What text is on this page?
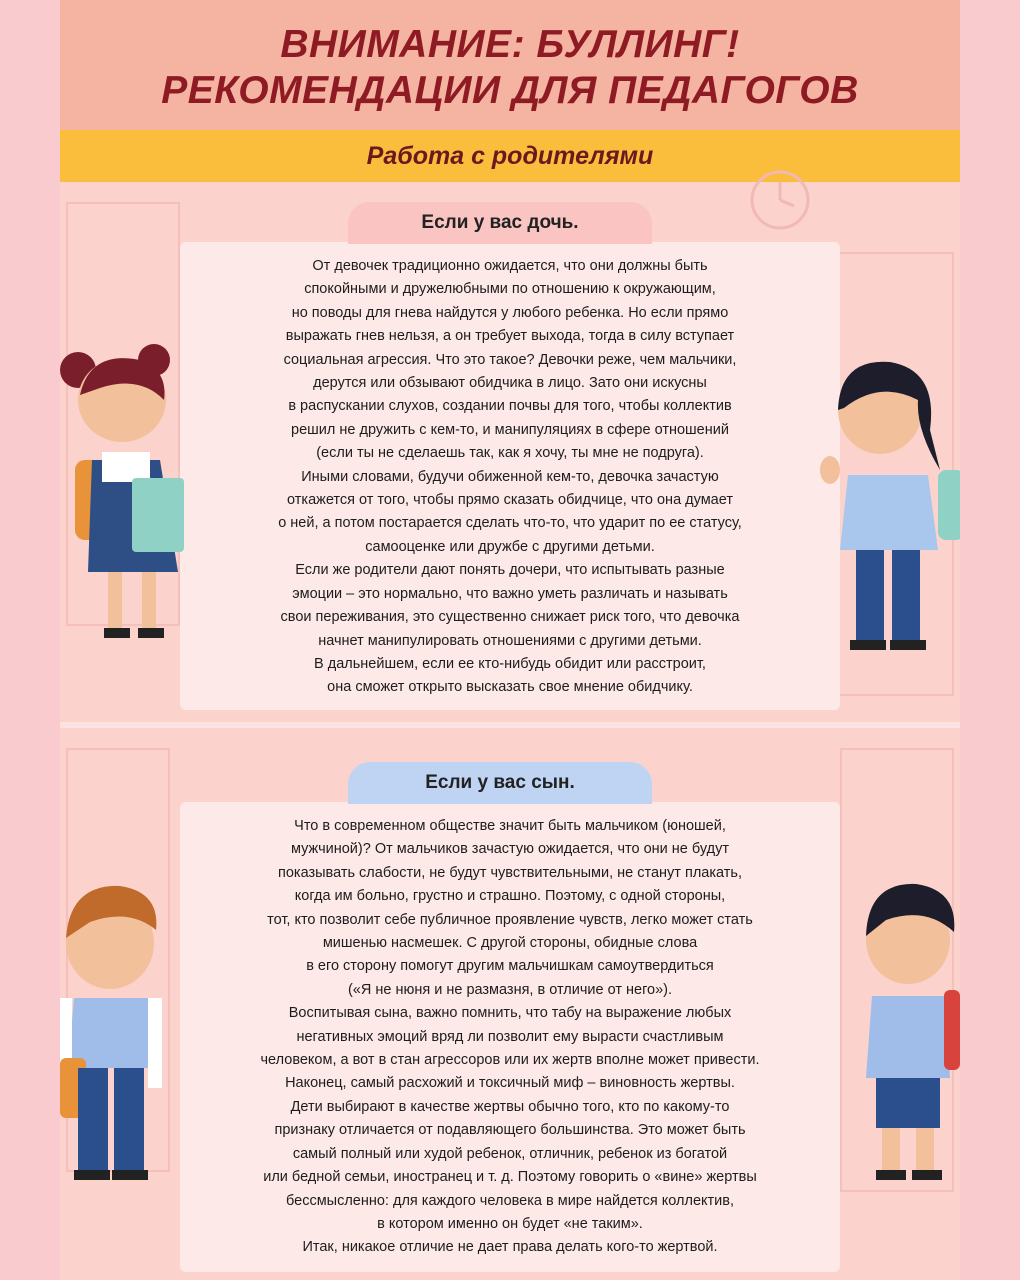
ВНИМАНИЕ: БУЛЛИНГ!
РЕКОМЕНДАЦИИ ДЛЯ ПЕДАГОГОВ
Работа с родителями
Если у вас дочь.
От девочек традиционно ожидается, что они должны быть
спокойными и дружелюбными по отношению к окружающим,
но поводы для гнева найдутся у любого ребенка. Но если прямо
выражать гнев нельзя, а он требует выхода, тогда в силу вступает
социальная агрессия. Что это такое? Девочки реже, чем мальчики,
дерутся или обзывают обидчика в лицо. Зато они искусны
в распускании слухов, создании почвы для того, чтобы коллектив
решил не дружить с кем-то, и манипуляциях в сфере отношений
(если ты не сделаешь так, как я хочу, ты мне не подруга).
Иными словами, будучи обиженной кем-то, девочка зачастую
откажется от того, чтобы прямо сказать обидчице, что она думает
о ней, а потом постарается сделать что-то, что ударит по ее статусу,
самооценке или дружбе с другими детьми.
Если же родители дают понять дочери, что испытывать разные
эмоции – это нормально, что важно уметь различать и называть
свои переживания, это существенно снижает риск того, что девочка
начнет манипулировать отношениями с другими детьми.
В дальнейшем, если ее кто-нибудь обидит или расстроит,
она сможет открыто высказать свое мнение обидчику.
Если у вас сын.
Что в современном обществе значит быть мальчиком (юношей,
мужчиной)? От мальчиков зачастую ожидается, что они не будут
показывать слабости, не будут чувствительными, не станут плакать,
когда им больно, грустно и страшно. Поэтому, с одной стороны,
тот, кто позволит себе публичное проявление чувств, легко может стать
мишенью насмешек. С другой стороны, обидные слова
в его сторону помогут другим мальчишкам самоутвердиться
(«Я не нюня и не размазня, в отличие от него»).
Воспитывая сына, важно помнить, что табу на выражение любых
негативных эмоций вряд ли позволит ему вырасти счастливым
человеком, а вот в стан агрессоров или их жертв вполне может привести.
Наконец, самый расхожий и токсичный миф – виновность жертвы.
Дети выбирают в качестве жертвы обычно того, кто по какому-то
признаку отличается от подавляющего большинства. Это может быть
самый полный или худой ребенок, отличник, ребенок из богатой
или бедной семьи, иностранец и т. д. Поэтому говорить о «вине» жертвы
бессмысленно: для каждого человека в мире найдется коллектив,
в котором именно он будет «не таким».
Итак, никакое отличие не дает права делать кого-то жертвой.
